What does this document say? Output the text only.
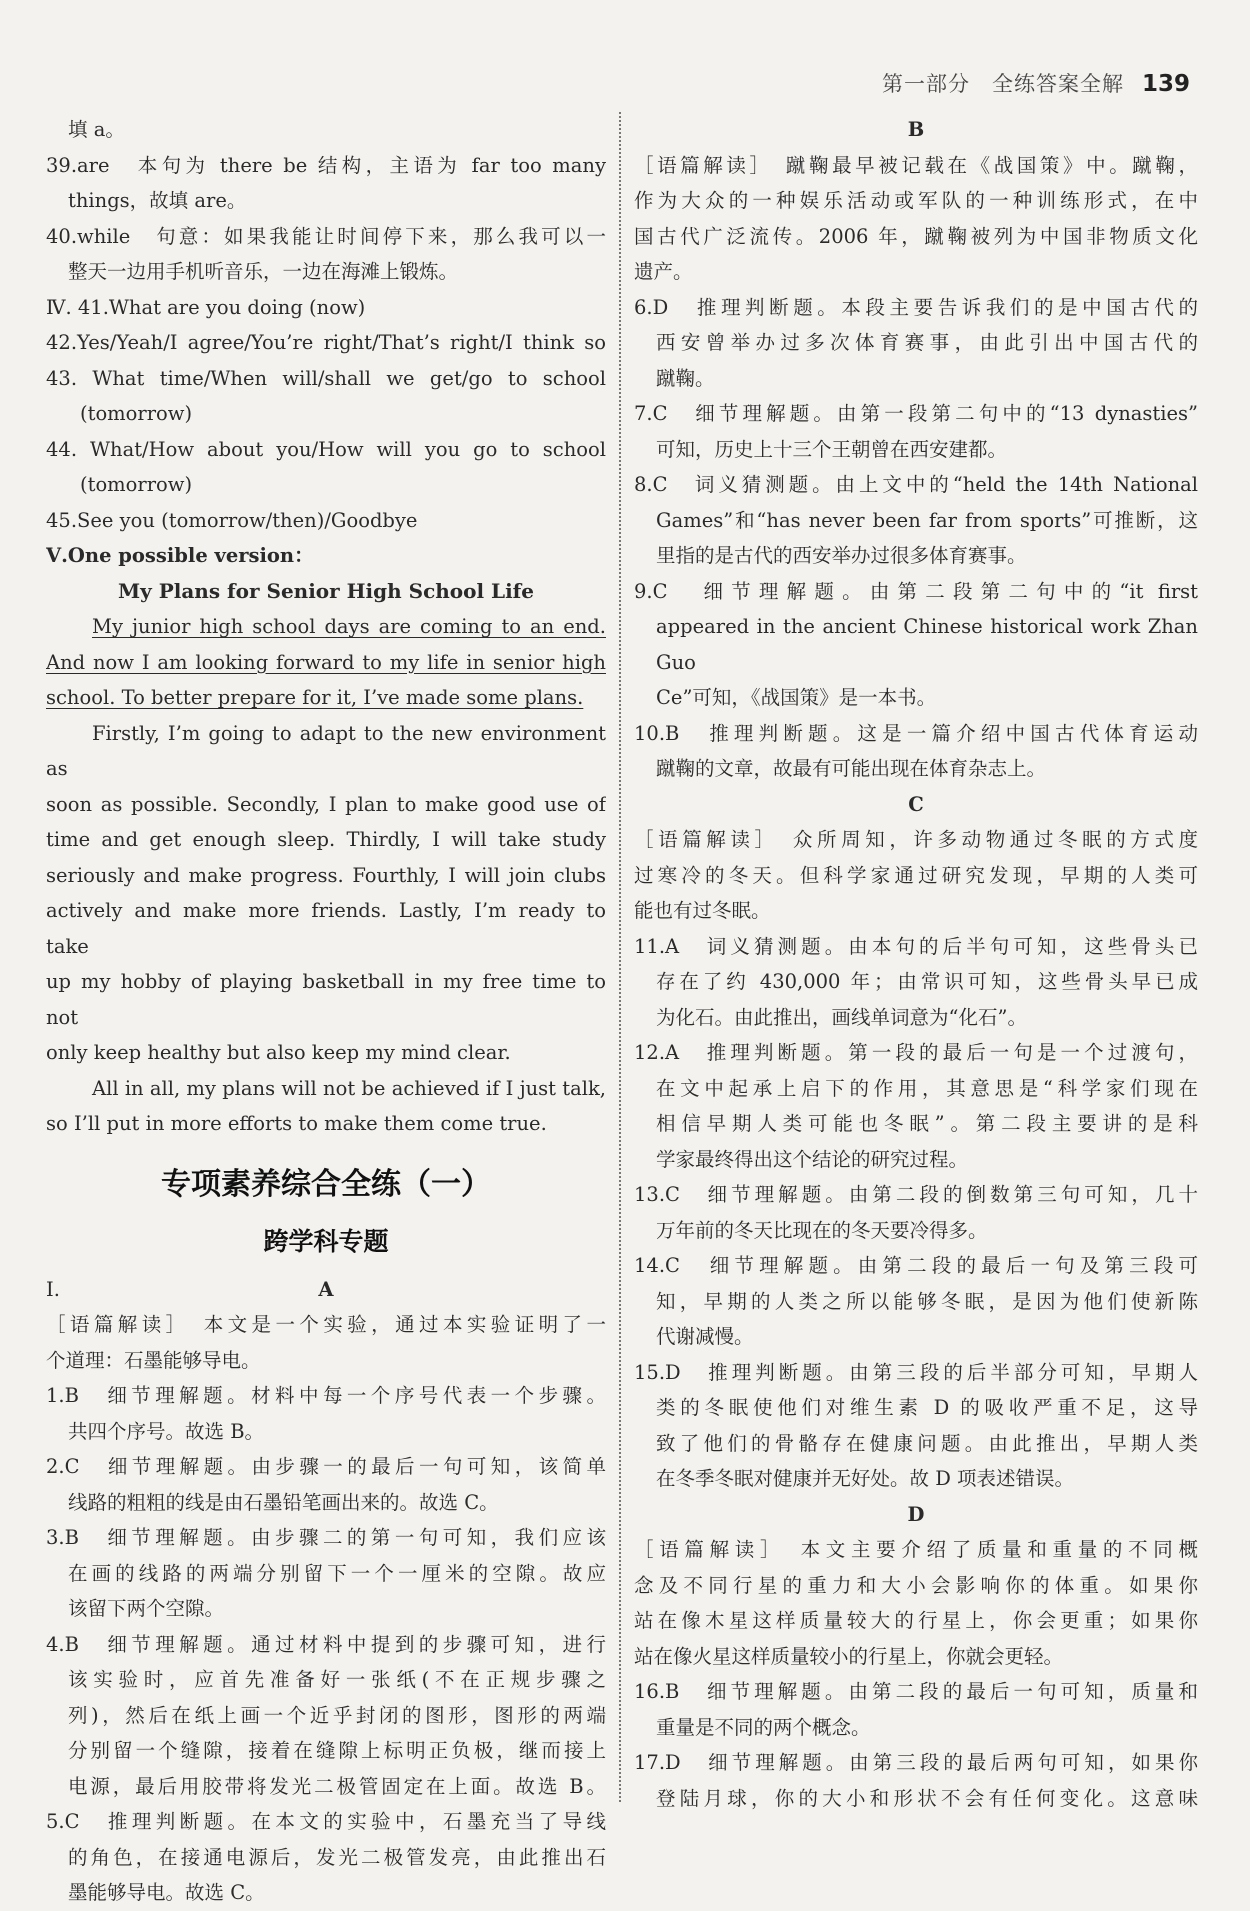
第一部分　全练答案全解 139
填 a。
39.are　本句为 there be 结构，主语为 far too many
things，故填 are。
40.while　句意：如果我能让时间停下来，那么我可以一
整天一边用手机听音乐，一边在海滩上锻炼。
Ⅳ. 41.What are you doing (now)
42.Yes/Yeah/I agree/You’re right/That’s right/I think so
43. What time/When will/shall we get/go to school
(tomorrow)
44. What/How about you/How will you go to school
(tomorrow)
45.See you (tomorrow/then)/Goodbye
Ⅴ.One possible version：
My Plans for Senior High School Life
My junior high school days are coming to an end.
And now I am looking forward to my life in senior high
school. To better prepare for it, I’ve made some plans.
Firstly, I’m going to adapt to the new environment as
soon as possible. Secondly, I plan to make good use of
time and get enough sleep. Thirdly, I will take study
seriously and make progress. Fourthly, I will join clubs
actively and make more friends. Lastly, I’m ready to take
up my hobby of playing basketball in my free time to not
only keep healthy but also keep my mind clear.
All in all, my plans will not be achieved if I just talk,
so I’ll put in more efforts to make them come true.
专项素养综合全练（一）
跨学科专题
Ⅰ.	A
［语篇解读］　本文是一个实验，通过本实验证明了一
个道理：石墨能够导电。
1.B　细节理解题。材料中每一个序号代表一个步骤。
共四个序号。故选 B。
2.C　细节理解题。由步骤一的最后一句可知，该简单
线路的粗粗的线是由石墨铅笔画出来的。故选 C。
3.B　细节理解题。由步骤二的第一句可知，我们应该
在画的线路的两端分别留下一个一厘米的空隙。故应
该留下两个空隙。
4.B　细节理解题。通过材料中提到的步骤可知，进行
该实验时，应首先准备好一张纸(不在正规步骤之
列)，然后在纸上画一个近乎封闭的图形，图形的两端
分别留一个缝隙，接着在缝隙上标明正负极，继而接上
电源，最后用胶带将发光二极管固定在上面。故选 B。
5.C　推理判断题。在本文的实验中，石墨充当了导线
的角色，在接通电源后，发光二极管发亮，由此推出石
墨能够导电。故选 C。
B
［语篇解读］　蹴鞠最早被记载在《战国策》中。蹴鞠，
作为大众的一种娱乐活动或军队的一种训练形式，在中
国古代广泛流传。2006 年，蹴鞠被列为中国非物质文化
遗产。
6.D　推理判断题。本段主要告诉我们的是中国古代的
西安曾举办过多次体育赛事，由此引出中国古代的
蹴鞠。
7.C　细节理解题。由第一段第二句中的“13 dynasties”
可知，历史上十三个王朝曾在西安建都。
8.C　词义猜测题。由上文中的“held the 14th National
Games”和“has never been far from sports”可推断，这
里指的是古代的西安举办过很多体育赛事。
9.C　细节理解题。由第二段第二句中的“it first
appeared in the ancient Chinese historical work Zhan Guo
Ce”可知，《战国策》是一本书。
10.B　推理判断题。这是一篇介绍中国古代体育运动
蹴鞠的文章，故最有可能出现在体育杂志上。
C
［语篇解读］　众所周知，许多动物通过冬眠的方式度
过寒冷的冬天。但科学家通过研究发现，早期的人类可
能也有过冬眠。
11.A　词义猜测题。由本句的后半句可知，这些骨头已
存在了约 430,000 年；由常识可知，这些骨头早已成
为化石。由此推出，画线单词意为“化石”。
12.A　推理判断题。第一段的最后一句是一个过渡句，
在文中起承上启下的作用，其意思是“科学家们现在
相信早期人类可能也冬眠”。第二段主要讲的是科
学家最终得出这个结论的研究过程。
13.C　细节理解题。由第二段的倒数第三句可知，几十
万年前的冬天比现在的冬天要冷得多。
14.C　细节理解题。由第二段的最后一句及第三段可
知，早期的人类之所以能够冬眠，是因为他们使新陈
代谢减慢。
15.D　推理判断题。由第三段的后半部分可知，早期人
类的冬眠使他们对维生素 D 的吸收严重不足，这导
致了他们的骨骼存在健康问题。由此推出，早期人类
在冬季冬眠对健康并无好处。故 D 项表述错误。
D
［语篇解读］　本文主要介绍了质量和重量的不同概
念及不同行星的重力和大小会影响你的体重。如果你
站在像木星这样质量较大的行星上，你会更重；如果你
站在像火星这样质量较小的行星上，你就会更轻。
16.B　细节理解题。由第二段的最后一句可知，质量和
重量是不同的两个概念。
17.D　细节理解题。由第三段的最后两句可知，如果你
登陆月球，你的大小和形状不会有任何变化。这意味
